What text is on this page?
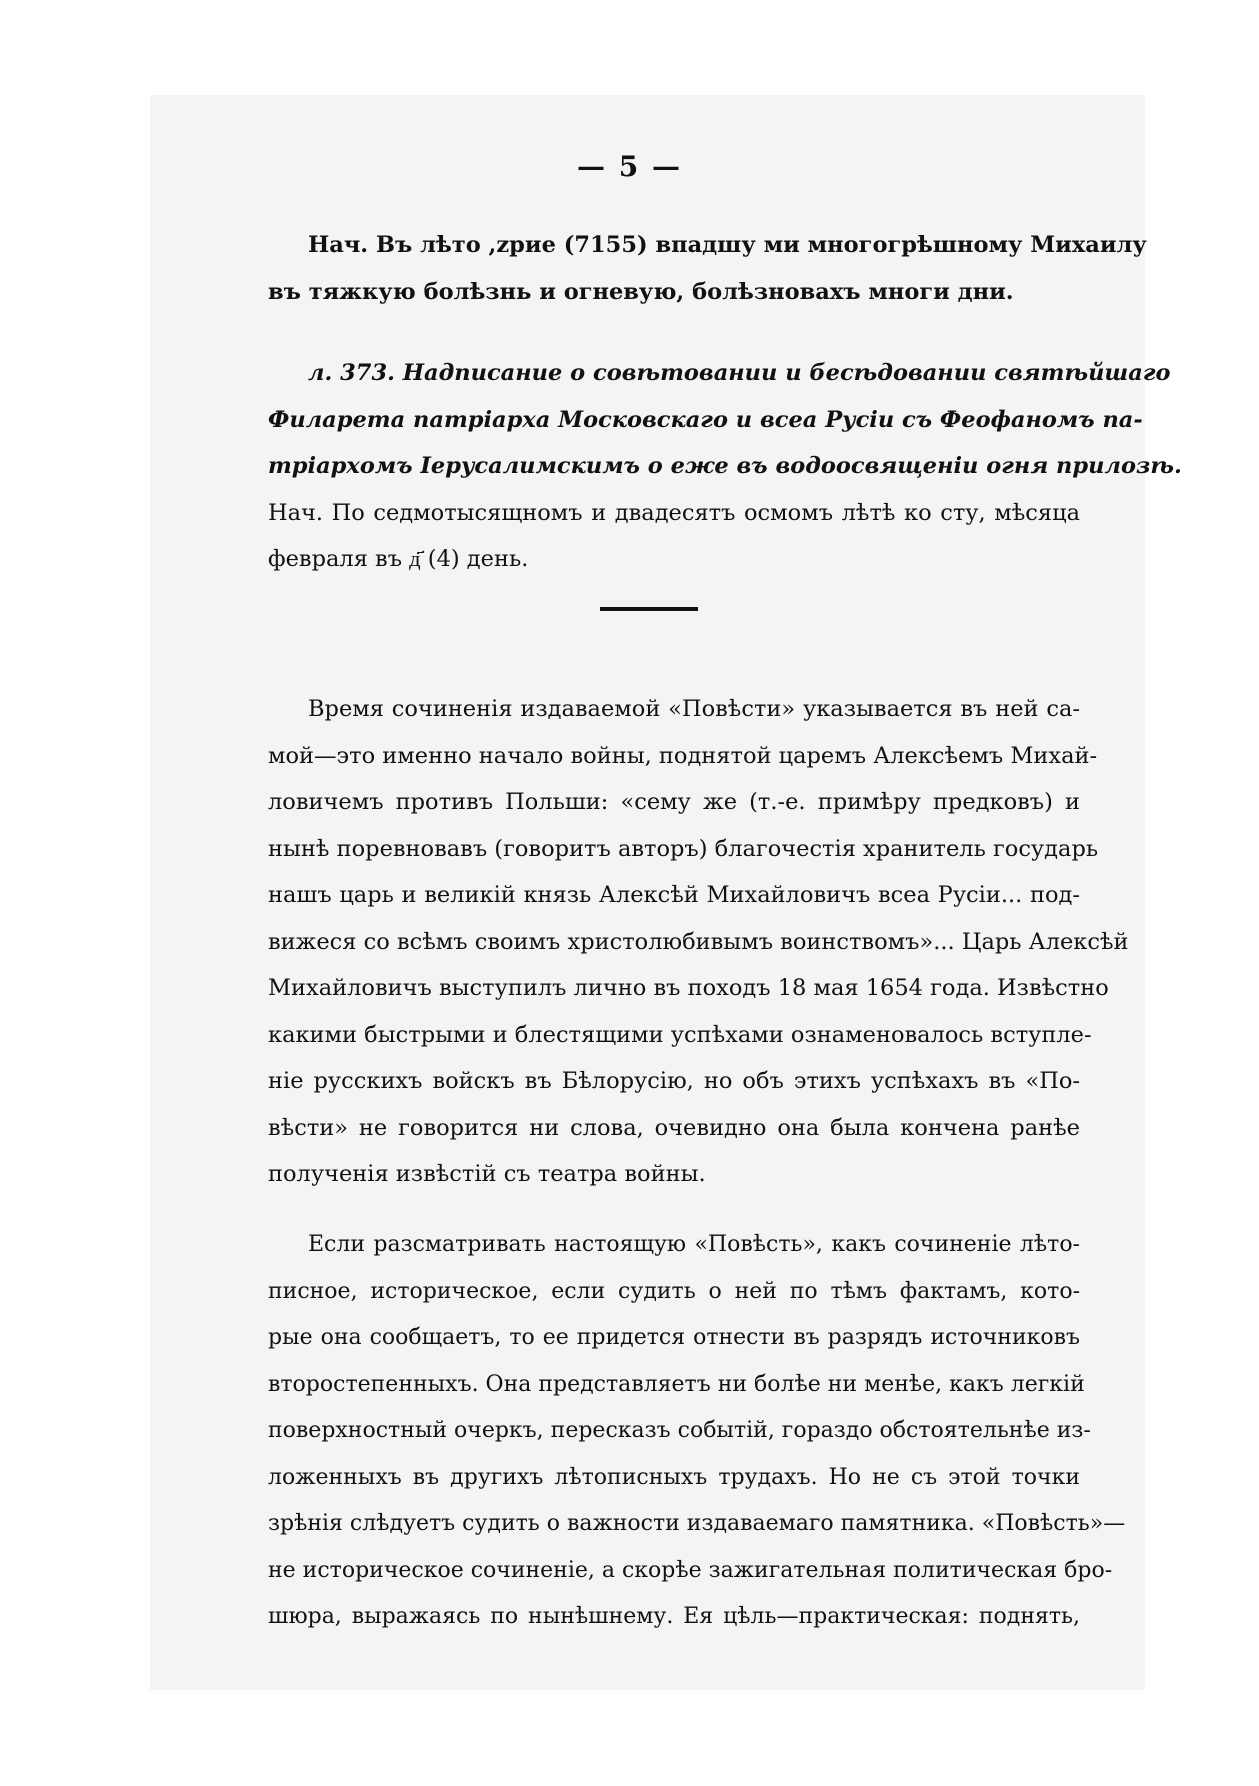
— 5 —
Нач. Въ лѣто ,zрие (7155) впадшу ми многогрѣшному Михаилу
въ тяжкую болѣзнь и огневую, болѣзновахъ многи дни.
л. 373. Надписание о совѣтовании и бесѣдовании святѣйшаго
Филарета патріарха Московскаго и всеа Русіи съ Феофаномъ па-
тріархомъ Іерусалимскимъ о еже въ водоосвященіи огня прилозѣ.
Нач. По седмотысящномъ и двадесятъ осмомъ лѣтѣ ко сту, мѣсяца
февраля въ д҃ (4) день.
Время сочиненія издаваемой «Повѣсти» указывается въ ней са-
мой—это именно начало войны, поднятой царемъ Алексѣемъ Михай-
ловичемъ противъ Польши: «сему же (т.-е. примѣру предковъ) и
нынѣ поревновавъ (говоритъ авторъ) благочестія хранитель государь
нашъ царь и великій князь Алексѣй Михайловичъ всеа Русіи... под-
вижеся со всѣмъ своимъ христолюбивымъ воинствомъ»... Царь Алексѣй
Михайловичъ выступилъ лично въ походъ 18 мая 1654 года. Извѣстно
какими быстрыми и блестящими успѣхами ознаменовалось вступле-
ніе русскихъ войскъ въ Бѣлорусію, но объ этихъ успѣхахъ въ «По-
вѣсти» не говорится ни слова, очевидно она была кончена ранѣе
полученія извѣстій съ театра войны.
Если разсматривать настоящую «Повѣсть», какъ сочиненіе лѣто-
писное, историческое, если судить о ней по тѣмъ фактамъ, кото-
рые она сообщаетъ, то ее придется отнести въ разрядъ источниковъ
второстепенныхъ. Она представляетъ ни болѣе ни менѣе, какъ легкій
поверхностный очеркъ, пересказъ событій, гораздо обстоятельнѣе из-
ложенныхъ въ другихъ лѣтописныхъ трудахъ. Но не съ этой точки
зрѣнія слѣдуетъ судить о важности издаваемаго памятника. «Повѣсть»—
не историческое сочиненіе, а скорѣе зажигательная политическая бро-
шюра, выражаясь по нынѣшнему. Ея цѣль—практическая: поднять,
